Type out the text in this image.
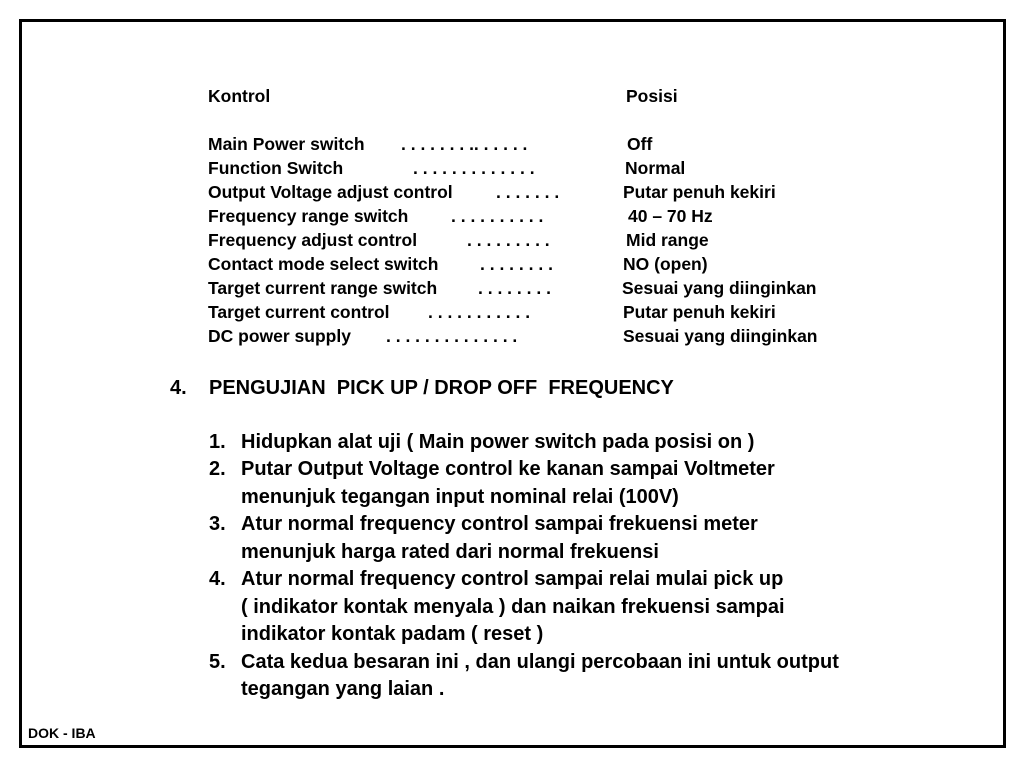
Kontrol	Posisi

Main Power switch . . . . . . . .. . . . . .	Off

Function Switch	. . . . . . . . . . . . .	Normal

Output Voltage adjust control . . . . . . .	Putar penuh kekiri

Frequency range switch . . . . . . . . . .	40 – 70 Hz

Frequency adjust control	. . . . . . . . .	Mid range

Contact mode select switch . . . . . . . .	NO (open)

Target current range switch . . . . . . . .	Sesuai yang diinginkan

Target current control . . . . . . . . . . .	Putar penuh kekiri

DC power supply . . . . . . . . . . . . . .	Sesuai yang diinginkan

4. PENGUJIAN  PICK UP / DROP OFF  FREQUENCY

1. Hidupkan alat uji ( Main power switch pada posisi on )

2. Putar Output Voltage control ke kanan sampai Voltmeter

menunjuk tegangan input nominal relai (100V)

3. Atur normal frequency control sampai frekuensi meter

menunjuk harga rated dari normal frekuensi

4. Atur normal frequency control sampai relai mulai pick up

( indikator kontak menyala ) dan naikan frekuensi sampai

indikator kontak padam ( reset )

5. Cata kedua besaran ini , dan ulangi percobaan ini untuk output

tegangan yang laian .

DOK - IBA
